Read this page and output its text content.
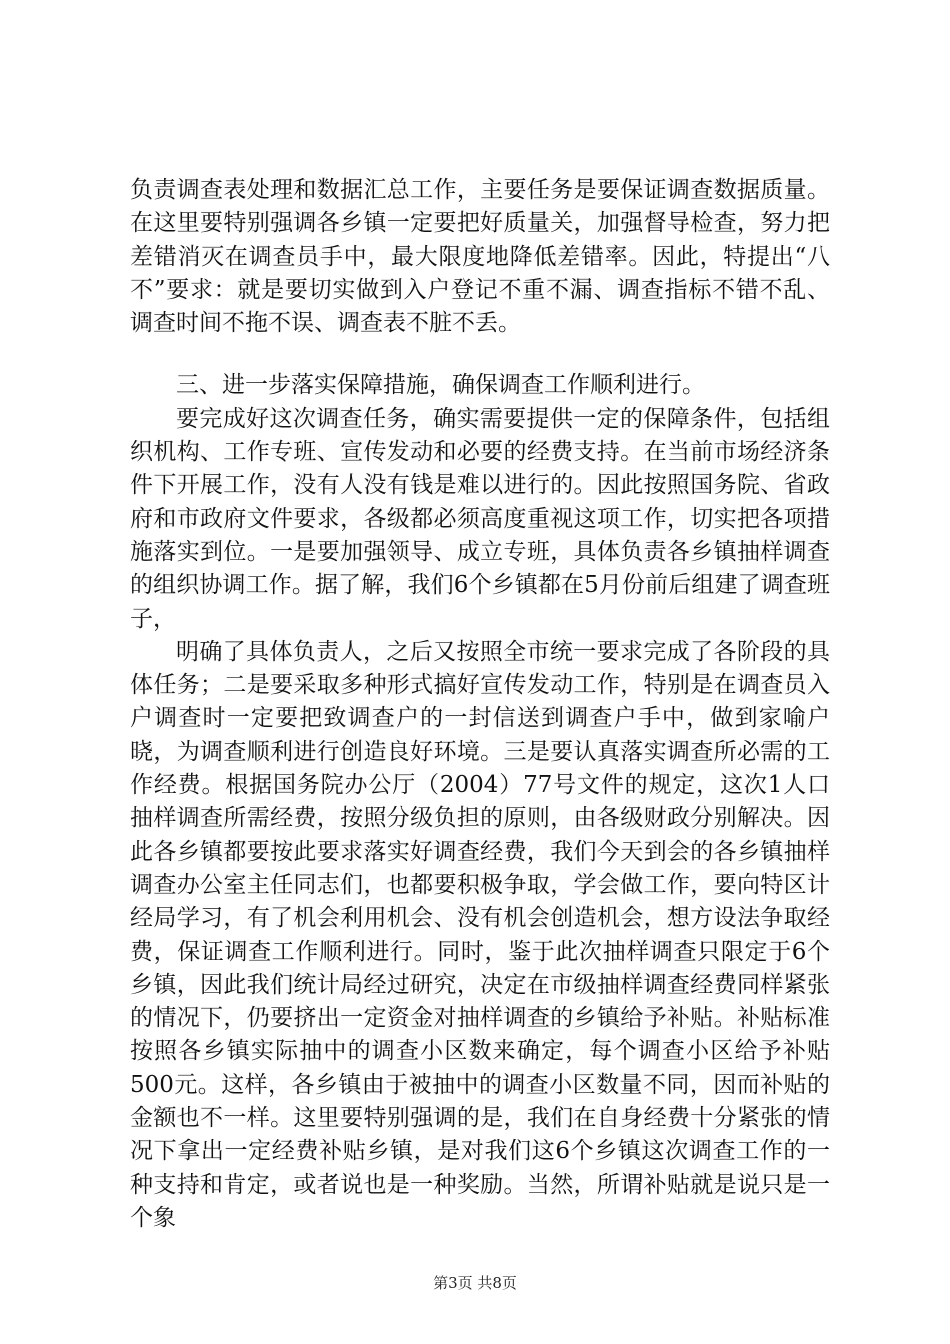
负责调查表处理和数据汇总工作，主要任务是要保证调查数据质量。在这里要特别强调各乡镇一定要把好质量关，加强督导检查，努力把差错消灭在调查员手中，最大限度地降低差错率。因此，特提出“八不”要求：就是要切实做到入户登记不重不漏、调查指标不错不乱、调查时间不拖不误、调查表不脏不丢。

三、进一步落实保障措施，确保调查工作顺利进行。

要完成好这次调查任务，确实需要提供一定的保障条件，包括组织机构、工作专班、宣传发动和必要的经费支持。在当前市场经济条件下开展工作，没有人没有钱是难以进行的。因此按照国务院、省政府和市政府文件要求，各级都必须高度重视这项工作，切实把各项措施落实到位。一是要加强领导、成立专班，具体负责各乡镇抽样调查的组织协调工作。据了解，我们6个乡镇都在5月份前后组建了调查班子，

明确了具体负责人，之后又按照全市统一要求完成了各阶段的具体任务；二是要采取多种形式搞好宣传发动工作，特别是在调查员入户调查时一定要把致调查户的一封信送到调查户手中，做到家喻户晓，为调查顺利进行创造良好环境。三是要认真落实调查所必需的工作经费。根据国务院办公厅（2004）77号文件的规定，这次1人口抽样调查所需经费，按照分级负担的原则，由各级财政分别解决。因此各乡镇都要按此要求落实好调查经费，我们今天到会的各乡镇抽样调查办公室主任同志们，也都要积极争取，学会做工作，要向特区计经局学习，有了机会利用机会、没有机会创造机会，想方设法争取经费，保证调查工作顺利进行。同时，鉴于此次抽样调查只限定于6个乡镇，因此我们统计局经过研究，决定在市级抽样调查经费同样紧张的情况下，仍要挤出一定资金对抽样调查的乡镇给予补贴。补贴标准按照各乡镇实际抽中的调查小区数来确定，每个调查小区给予补贴500元。这样，各乡镇由于被抽中的调查小区数量不同，因而补贴的金额也不一样。这里要特别强调的是，我们在自身经费十分紧张的情况下拿出一定经费补贴乡镇，是对我们这6个乡镇这次调查工作的一种支持和肯定，或者说也是一种奖励。当然，所谓补贴就是说只是一个象

第3页 共8页
